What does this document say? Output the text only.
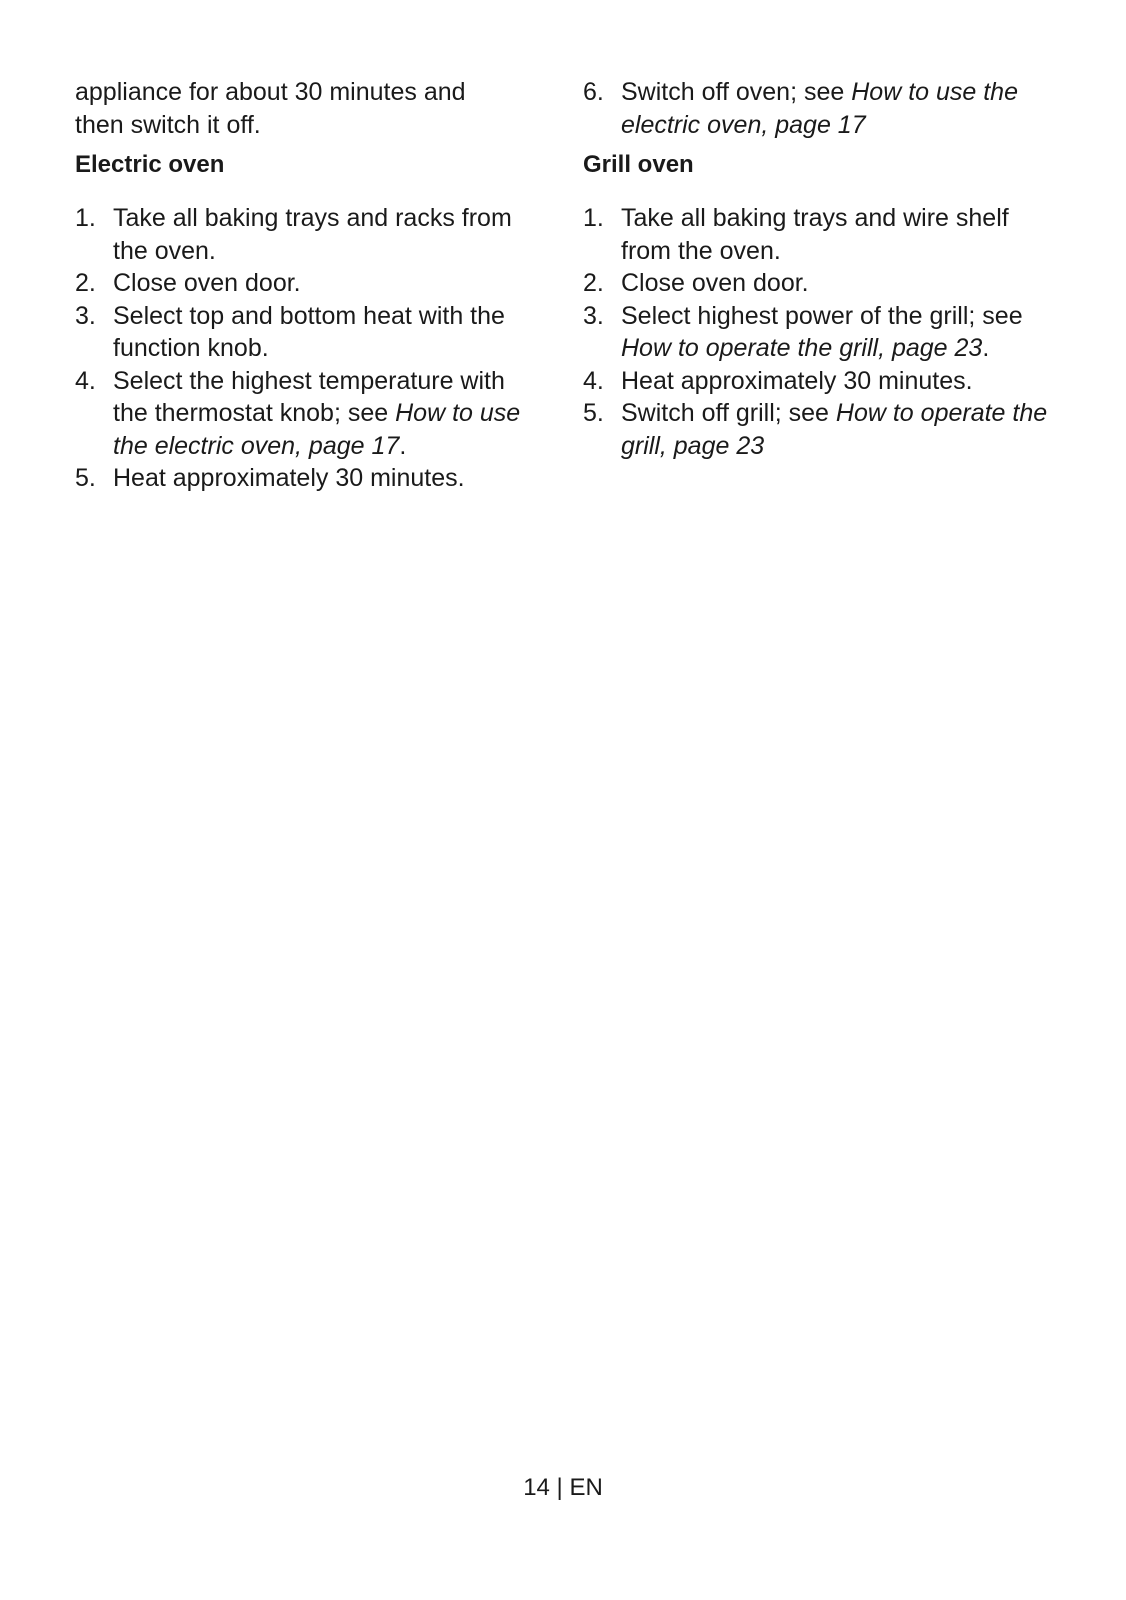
appliance for about 30 minutes and
then switch it off.

Electric oven

1. Take all baking trays and racks from the oven.
2. Close oven door.
3. Select top and bottom heat with the function knob.
4. Select the highest temperature with the thermostat knob; see How to use the electric oven, page 17.
5. Heat approximately 30 minutes.
6. Switch off oven; see How to use the electric oven, page 17

Grill oven

1. Take all baking trays and wire shelf from the oven.
2. Close oven door.
3. Select highest power of the grill; see How to operate the grill, page 23.
4. Heat approximately 30 minutes.
5. Switch off grill; see How to operate the grill, page 23
14 | EN
